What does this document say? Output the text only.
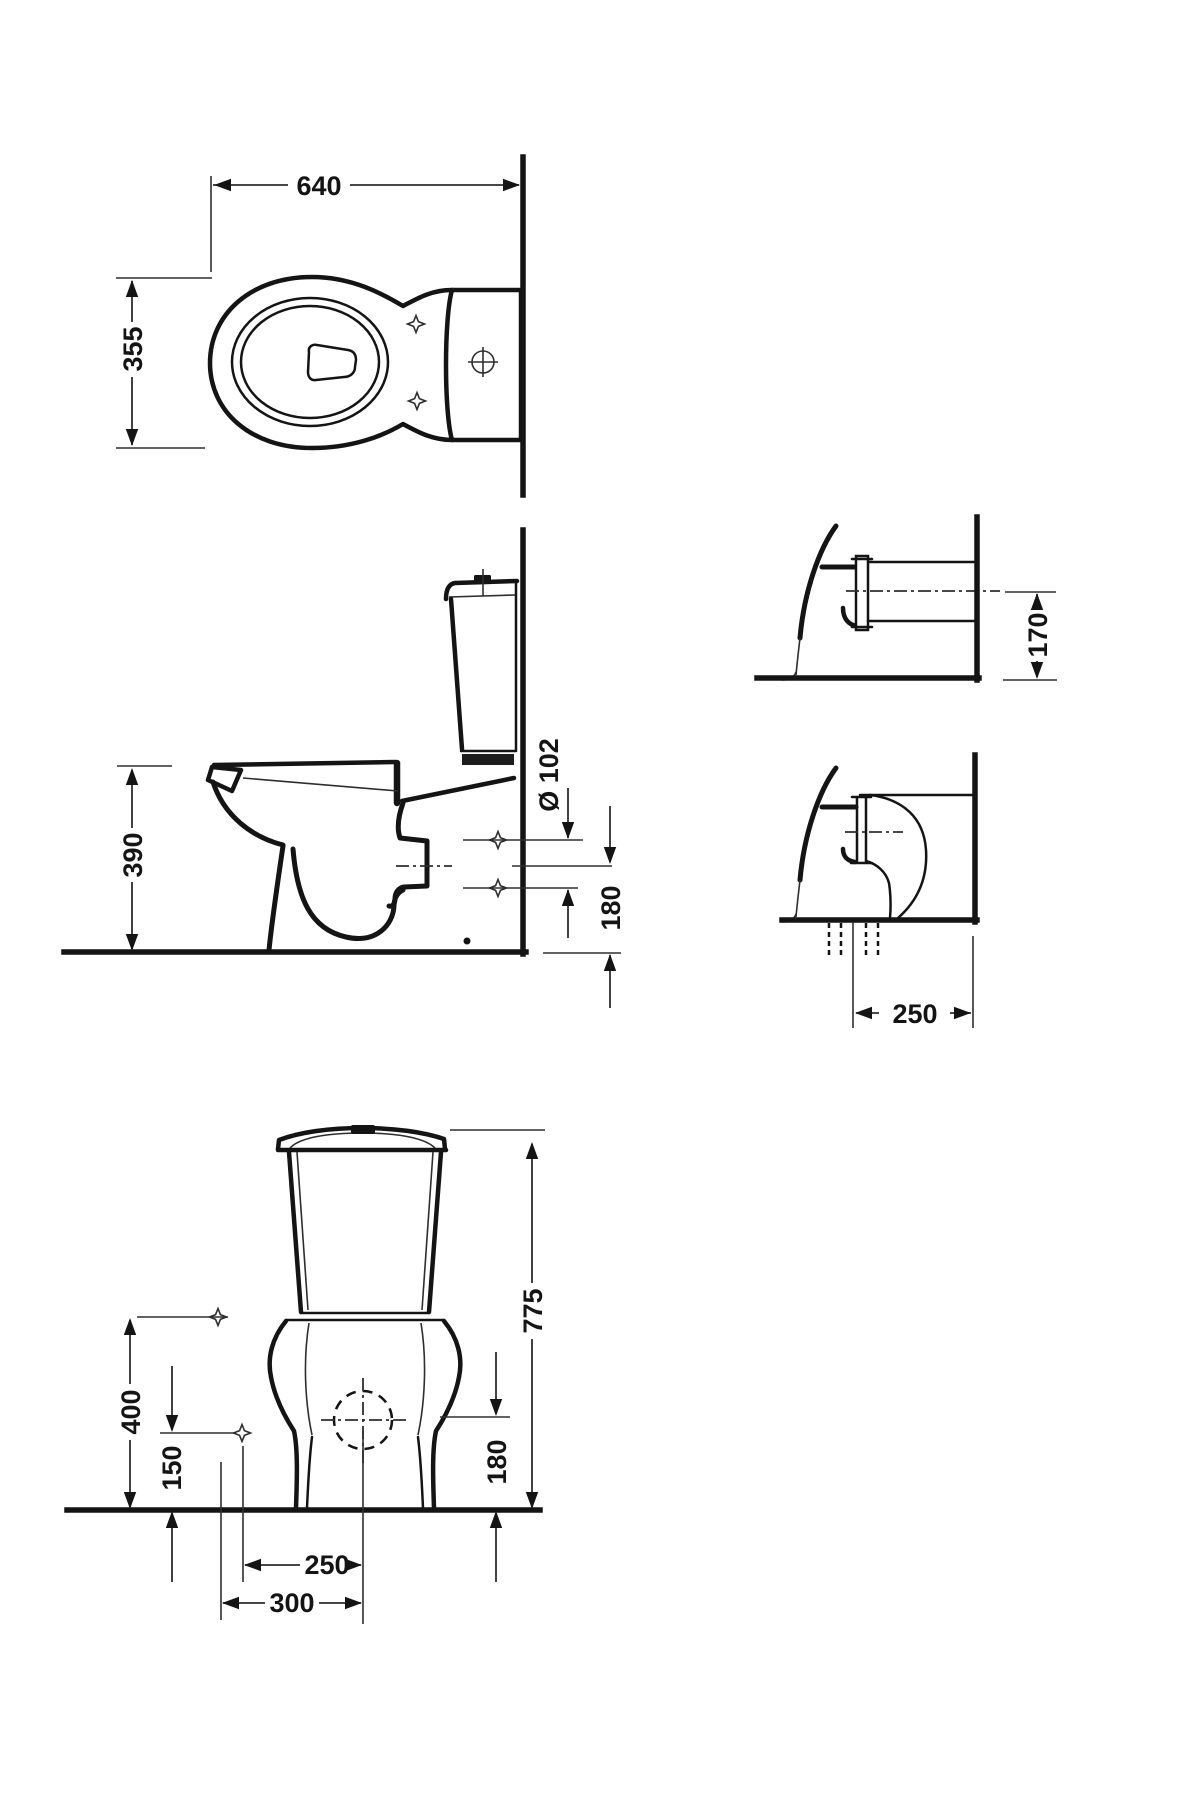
640
355
390
Ø 102
180
170
250
775
400
150	180
250
300
